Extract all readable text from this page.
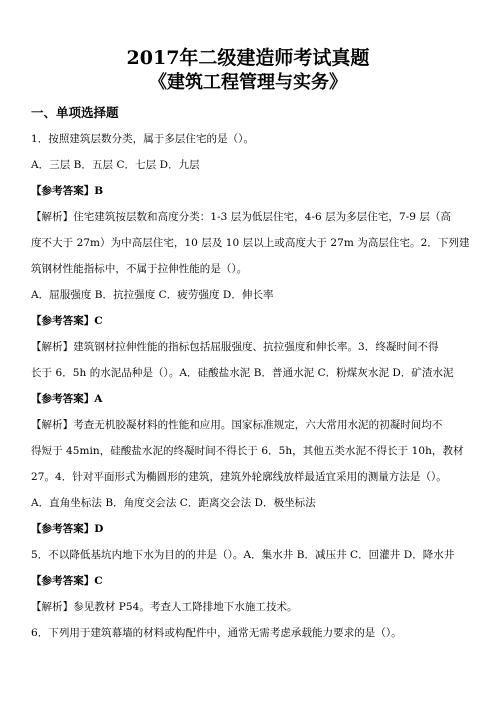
2017年二级建造师考试真题
《建筑工程管理与实务》
一、单项选择题
1．按照建筑层数分类，属于多层住宅的是（）。
A．三层 B．五层 C．七层 D．九层
【参考答案】B
【解析】住宅建筑按层数和高度分类：1-3 层为低层住宅，4-6 层为多层住宅，7-9 层（高
度不大于 27m）为中高层住宅，10 层及 10 层以上或高度大于 27m 为高层住宅。2．下列建
筑钢材性能指标中，不属于拉伸性能的是（）。
A．屈服强度 B．抗拉强度 C．疲劳强度 D．伸长率
【参考答案】C
【解析】建筑钢材拉伸性能的指标包括屈服强度、抗拉强度和伸长率。3．终凝时间不得
长于 6．5h 的水泥品种是（）。A．硅酸盐水泥 B．普通水泥 C．粉煤灰水泥 D．矿渣水泥
【参考答案】A
【解析】考查无机胶凝材料的性能和应用。国家标准规定，六大常用水泥的初凝时间均不
得短于 45min，硅酸盐水泥的终凝时间不得长于 6．5h，其他五类水泥不得长于 10h，教材
27。4．针对平面形式为椭圆形的建筑，建筑外轮廓线放样最适宜采用的测量方法是（）。
A．直角坐标法 B．角度交会法 C．距离交会法 D．极坐标法
【参考答案】D
5．不以降低基坑内地下水为目的的井是（）。A．集水井 B．减压井 C．回灌井 D．降水井
【参考答案】C
【解析】参见教材 P54。考查人工降排地下水施工技术。
6．下列用于建筑幕墙的材料或构配件中，通常无需考虑承载能力要求的是（）。
